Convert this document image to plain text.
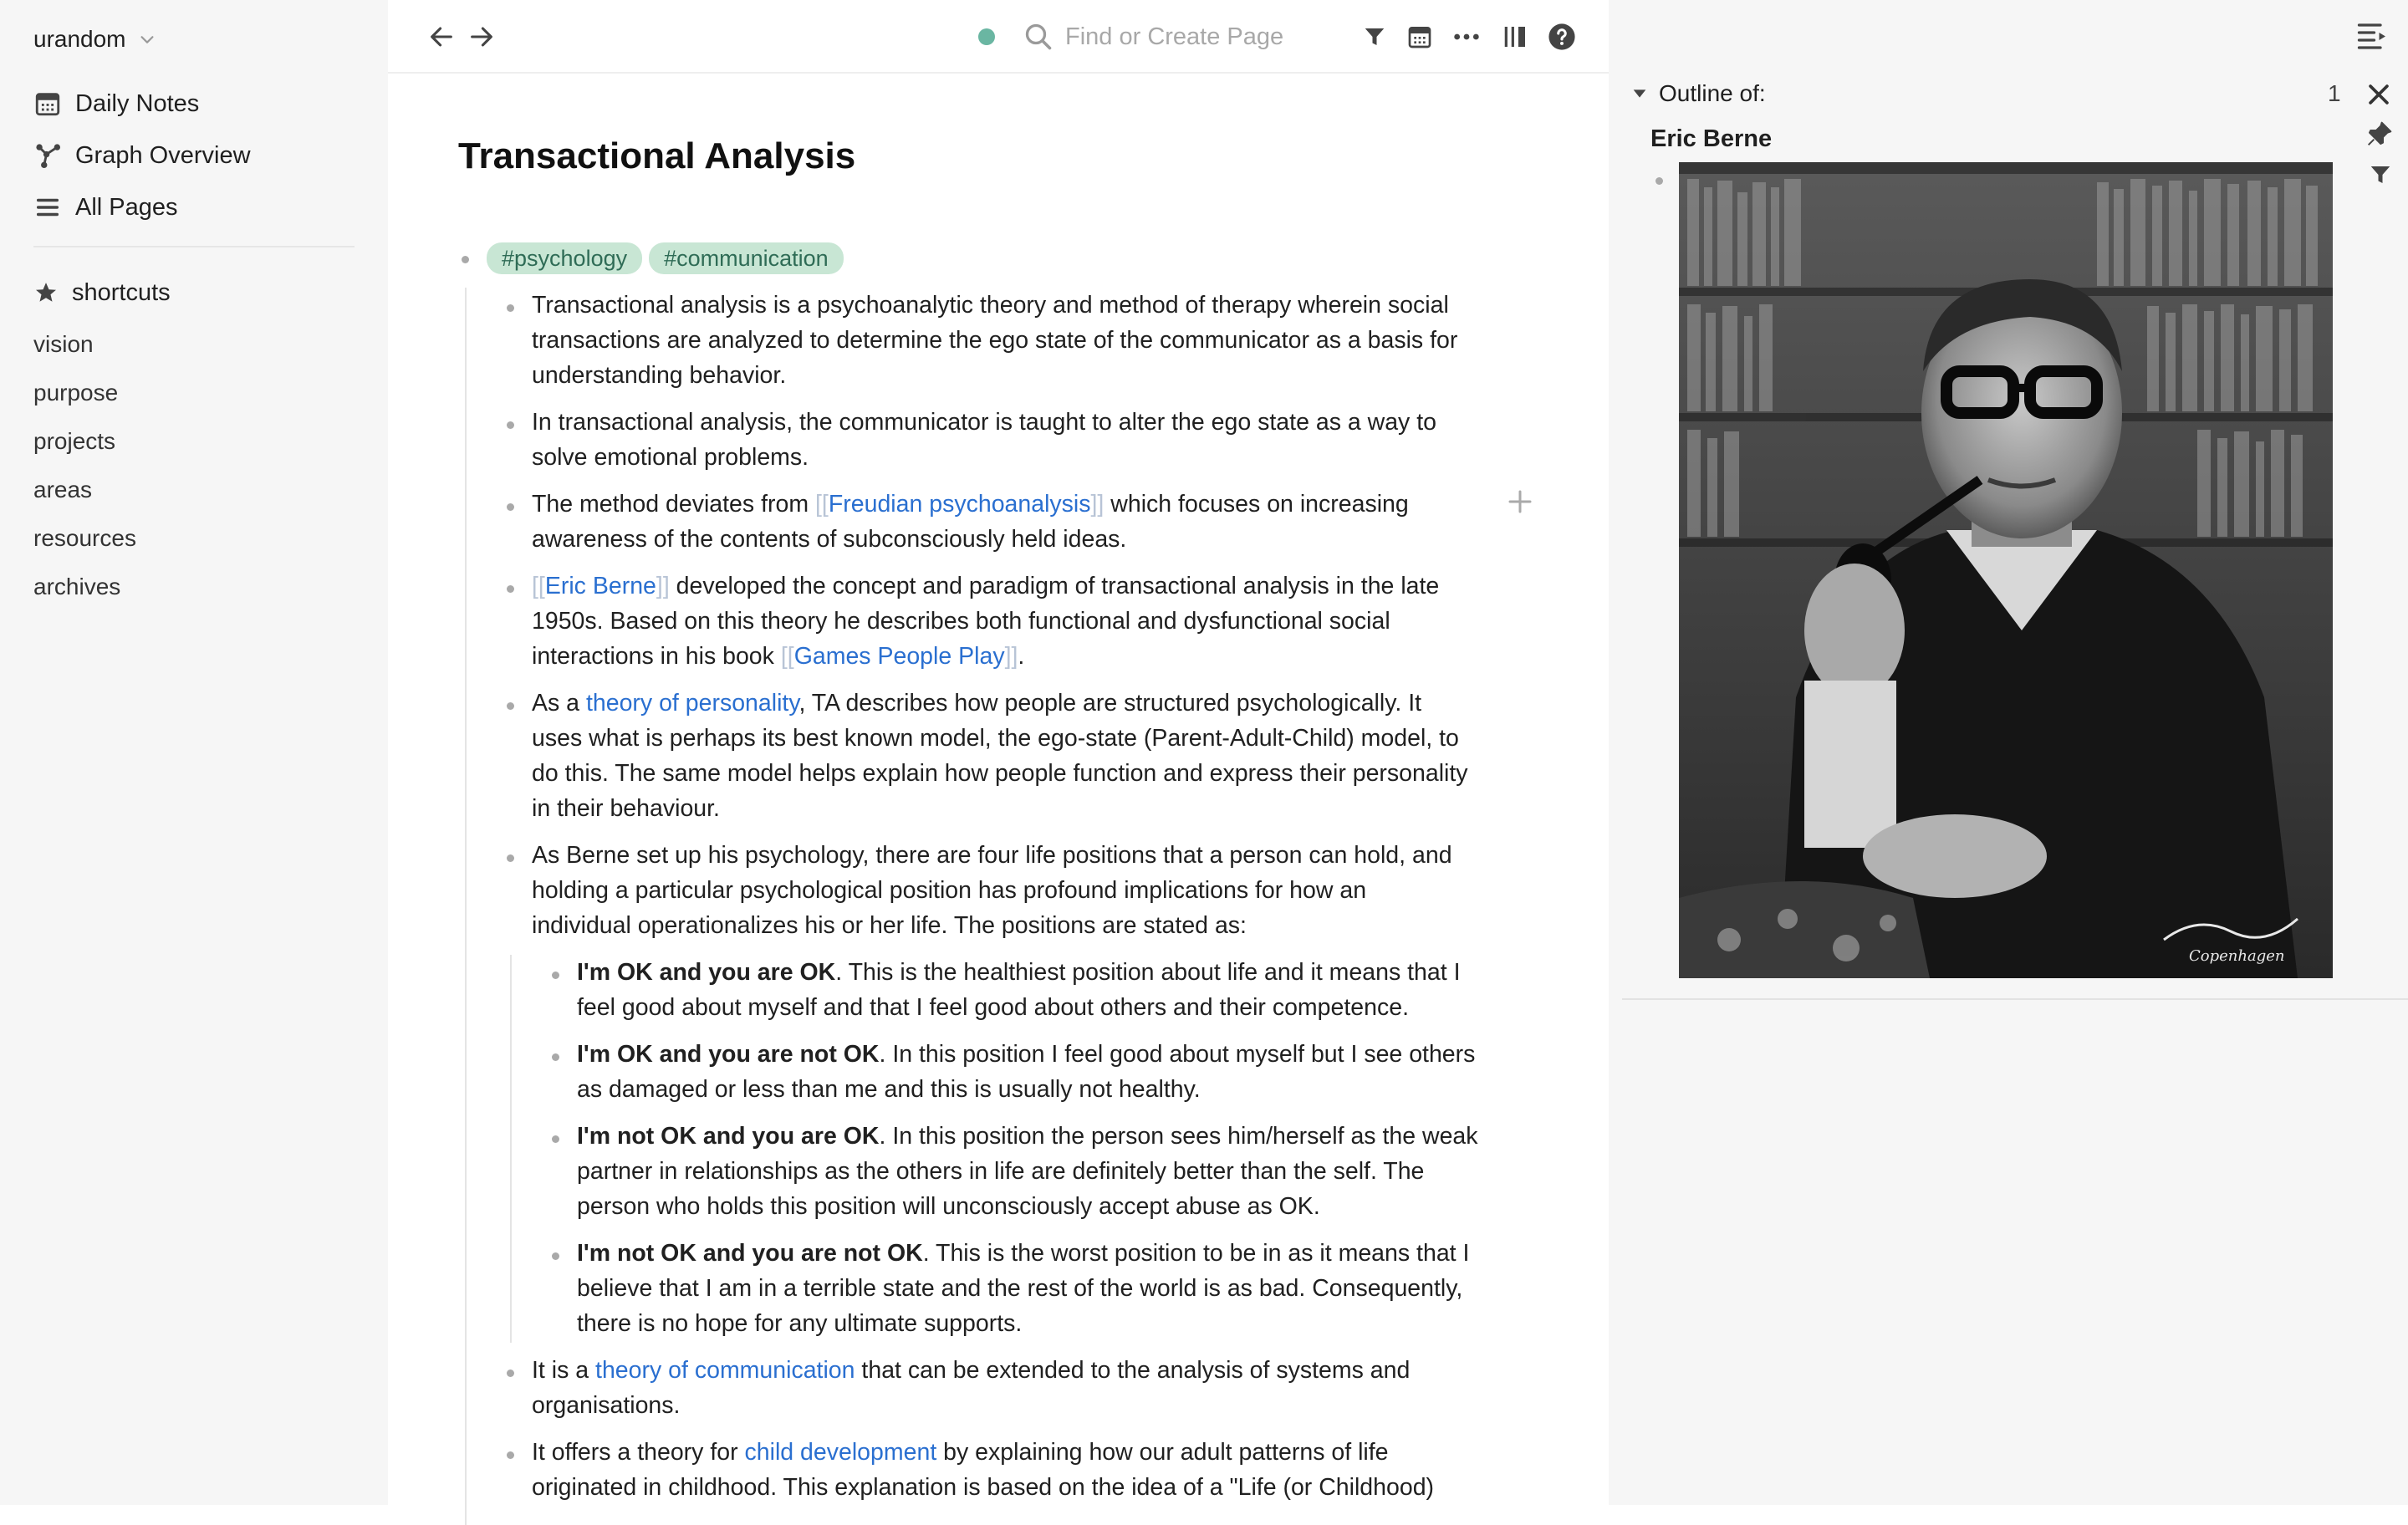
urandom
Daily Notes
Graph Overview
All Pages
shortcuts
vision
purpose
projects
areas
resources
archives
Find or Create Page
Transactional Analysis
#psychology #communication
Transactional analysis is a psychoanalytic theory and method of therapy wherein social
transactions are analyzed to determine the ego state of the communicator as a basis for
understanding behavior.
In transactional analysis, the communicator is taught to alter the ego state as a way to
solve emotional problems.
The method deviates from [[Freudian psychoanalysis]] which focuses on increasing
awareness of the contents of subconsciously held ideas.
[[Eric Berne]] developed the concept and paradigm of transactional analysis in the late
1950s. Based on this theory he describes both functional and dysfunctional social
interactions in his book [[Games People Play]].
As a theory of personality, TA describes how people are structured psychologically. It
uses what is perhaps its best known model, the ego-state (Parent-Adult-Child) model, to
do this. The same model helps explain how people function and express their personality
in their behaviour.
As Berne set up his psychology, there are four life positions that a person can hold, and
holding a particular psychological position has profound implications for how an
individual operationalizes his or her life. The positions are stated as:
I'm OK and you are OK. This is the healthiest position about life and it means that I
feel good about myself and that I feel good about others and their competence.
I'm OK and you are not OK. In this position I feel good about myself but I see others
as damaged or less than me and this is usually not healthy.
I'm not OK and you are OK. In this position the person sees him/herself as the weak
partner in relationships as the others in life are definitely better than the self. The
person who holds this position will unconsciously accept abuse as OK.
I'm not OK and you are not OK. This is the worst position to be in as it means that I
believe that I am in a terrible state and the rest of the world is as bad. Consequently,
there is no hope for any ultimate supports.
It is a theory of communication that can be extended to the analysis of systems and
organisations.
It offers a theory for child development by explaining how our adult patterns of life
originated in childhood. This explanation is based on the idea of a "Life (or Childhood)
Outline of:	1
Eric Berne
Copenhagen
